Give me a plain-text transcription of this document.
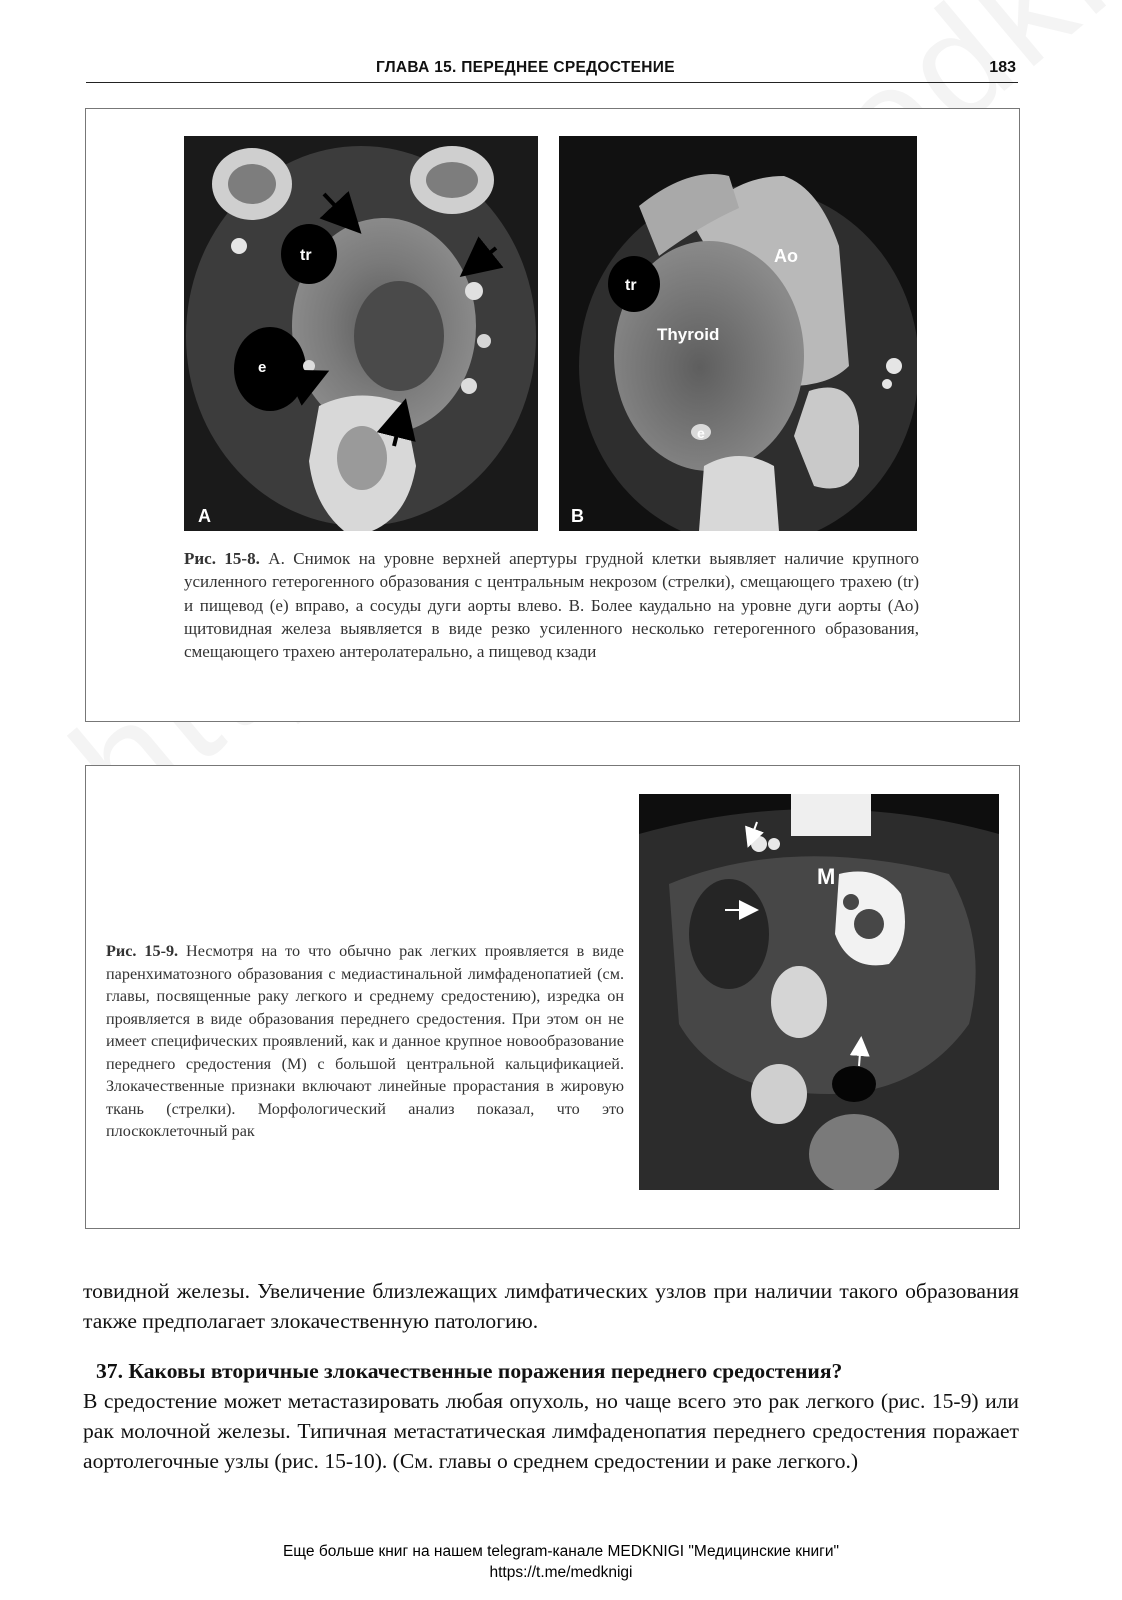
ГЛАВА 15. ПЕРЕДНЕЕ СРЕДОСТЕНИЕ	183
tr
e
A
Ao
tr
Thyroid
e
B
Рис. 15-8. А. Снимок на уровне верхней апертуры грудной клетки выявляет наличие крупного усиленного гетерогенного образования с центральным некрозом (стрелки), смещающего трахею (tr) и пищевод (е) вправо, а сосуды дуги аорты влево. В. Более каудально на уровне дуги аорты (Ао) щитовидная железа выявляется в виде резко усиленного несколько гетерогенного образования, смещающего трахею антеролатерально, а пищевод кзади
Рис. 15-9. Несмотря на то что обычно рак легких проявляется в виде паренхиматозного образования с медиастинальной лимфаденопатией (см. главы, посвященные раку легкого и среднему средостению), изредка он проявляется в виде образования переднего средостения. При этом он не имеет специфических проявлений, как и данное крупное новообразование переднего средостения (М) с большой центральной кальцификацией. Злокачественные признаки включают линейные прорастания в жировую ткань (стрелки). Морфологический анализ показал, что это плоскоклеточный рак
M
товидной железы. Увеличение близлежащих лимфатических узлов при наличии такого образования также предполагает злокачественную патологию.
37. Каковы вторичные злокачественные поражения переднего средостения?
В средостение может метастазировать любая опухоль, но чаще всего это рак легкого (рис. 15-9) или рак молочной железы. Типичная метастатическая лимфаденопатия переднего средостения поражает аортолегочные узлы (рис. 15-10). (См. главы о среднем средостении и раке легкого.)
Еще больше книг на нашем telegram-канале MEDKNIGI "Медицинские книги"
https://t.me/medknigi
